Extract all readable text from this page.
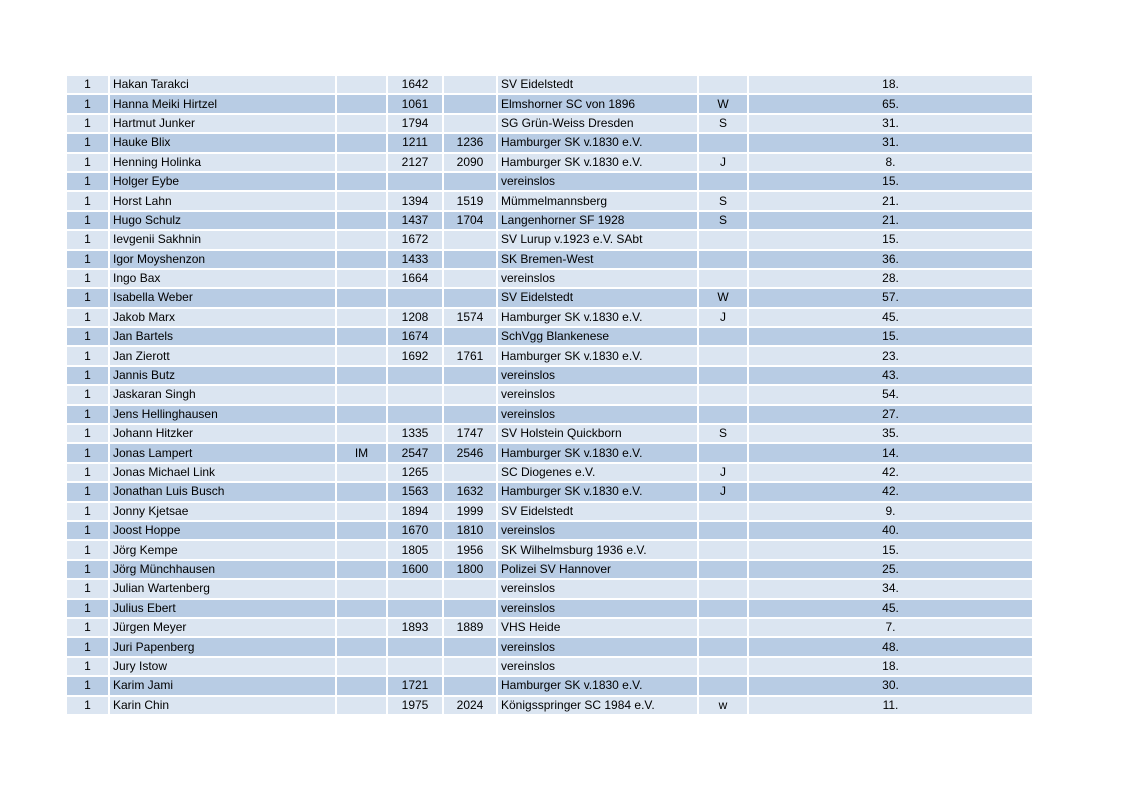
1	Hakan Tarakci		1642		SV Eidelstedt		18.
1	Hanna Meiki Hirtzel		1061		Elmshorner SC von 1896	W	65.
1	Hartmut Junker		1794		SG Grün-Weiss Dresden	S	31.
1	Hauke Blix		1211	1236	Hamburger SK v.1830 e.V.		31.
1	Henning Holinka		2127	2090	Hamburger SK v.1830 e.V.	J	8.
1	Holger Eybe				vereinslos		15.
1	Horst Lahn		1394	1519	Mümmelmannsberg	S	21.
1	Hugo Schulz		1437	1704	Langenhorner SF 1928	S	21.
1	Ievgenii Sakhnin		1672		SV Lurup v.1923 e.V. SAbt		15.
1	Igor Moyshenzon		1433		SK Bremen-West		36.
1	Ingo Bax		1664		vereinslos		28.
1	Isabella Weber				SV Eidelstedt	W	57.
1	Jakob Marx		1208	1574	Hamburger SK v.1830 e.V.	J	45.
1	Jan Bartels		1674		SchVgg Blankenese		15.
1	Jan Zierott		1692	1761	Hamburger SK v.1830 e.V.		23.
1	Jannis Butz				vereinslos		43.
1	Jaskaran Singh				vereinslos		54.
1	Jens Hellinghausen				vereinslos		27.
1	Johann Hitzker		1335	1747	SV Holstein Quickborn	S	35.
1	Jonas Lampert	IM	2547	2546	Hamburger SK v.1830 e.V.		14.
1	Jonas Michael Link		1265		SC Diogenes e.V.	J	42.
1	Jonathan Luis Busch		1563	1632	Hamburger SK v.1830 e.V.	J	42.
1	Jonny Kjetsae		1894	1999	SV Eidelstedt		9.
1	Joost Hoppe		1670	1810	vereinslos		40.
1	Jörg Kempe		1805	1956	SK Wilhelmsburg 1936 e.V.		15.
1	Jörg Münchhausen		1600	1800	Polizei SV Hannover		25.
1	Julian Wartenberg				vereinslos		34.
1	Julius Ebert				vereinslos		45.
1	Jürgen Meyer		1893	1889	VHS Heide		7.
1	Juri Papenberg				vereinslos		48.
1	Jury Istow				vereinslos		18.
1	Karim Jami		1721		Hamburger SK v.1830 e.V.		30.
1	Karin Chin		1975	2024	Königsspringer SC 1984 e.V.	w	11.
